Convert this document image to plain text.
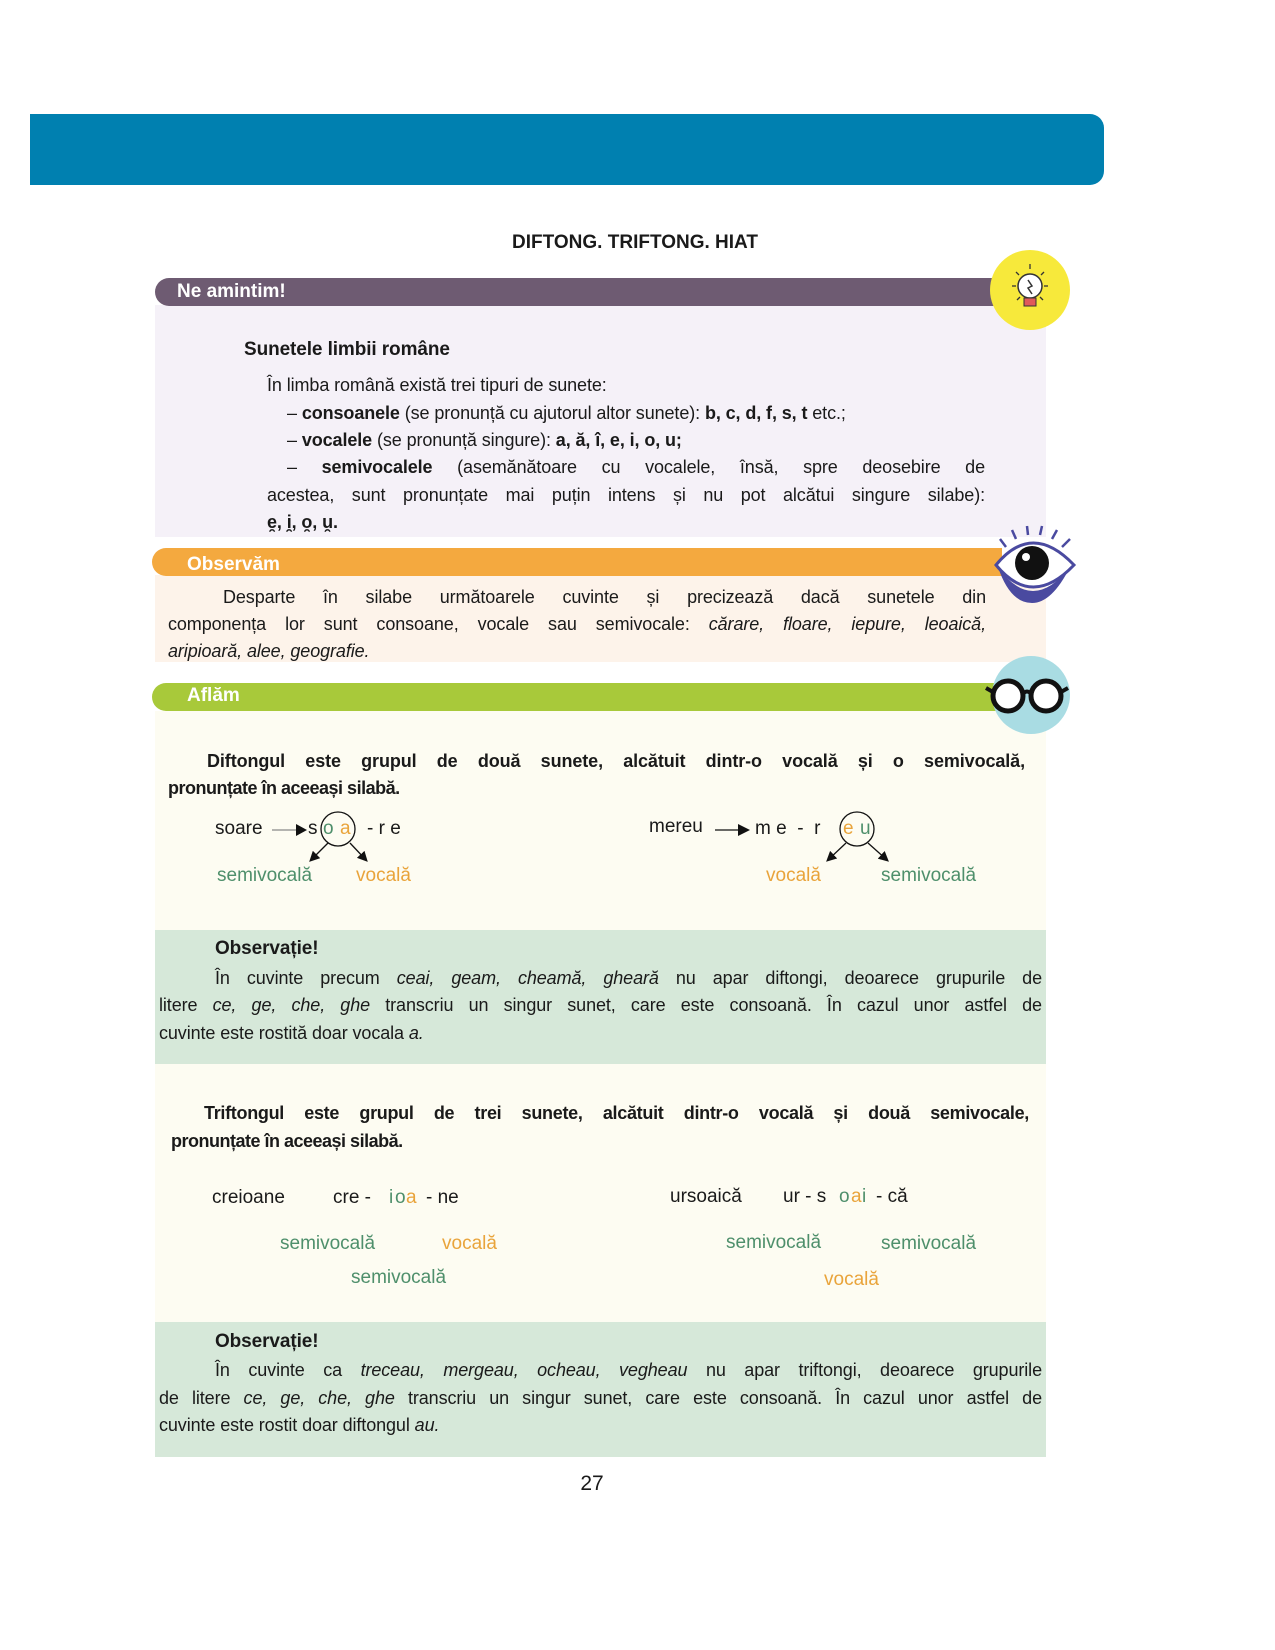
DIFTONG. TRIFTONG. HIAT
Ne amintim!
Sunetele limbii române
În limba română există trei tipuri de sunete:
– consoanele (se pronunță cu ajutorul altor sunete): b, c, d, f, s, t etc.;
– vocalele (se pronunță singure): a, ă, î, e, i, o, u;
– semivocalele (asemănătoare cu vocalele, însă, spre deosebire de
acestea, sunt pronunțate mai puțin intens și nu pot alcătui singure silabe):
e̯, i̯, o̯, u̯.
Observăm
Desparte în silabe următoarele cuvinte și precizează dacă sunetele din
componența lor sunt consoane, vocale sau semivocale: cărare, floare, iepure, leoaică,
aripioară, alee, geografie.
Aflăm
Diftongul este grupul de două sunete, alcătuit dintr-o vocală și o semivocală,
pronunțate în aceeași silabă.
soare s o a - r e
semivocală vocală
mereu	m e  -  r e u
vocală	semivocală
Observație!
În cuvinte precum ceai, geam, cheamă, gheară nu apar diftongi, deoarece grupurile de
litere ce, ge, che, ghe transcriu un singur sunet, care este consoană. În cazul unor astfel de
cuvinte este rostită doar vocala a.
Triftongul este grupul de trei sunete, alcătuit dintr-o vocală și două semivocale,
pronunțate în aceeași silabă.
creioane	cre - i o a - ne
semivocală
semivocală
vocală
ursoaică ur - s o a i - că
semivocală
vocală
semivocală
Observație!
În cuvinte ca treceau, mergeau, ocheau, vegheau nu apar triftongi, deoarece grupurile
de litere ce, ge, che, ghe transcriu un singur sunet, care este consoană. În cazul unor astfel de
cuvinte este rostit doar diftongul au.
27
